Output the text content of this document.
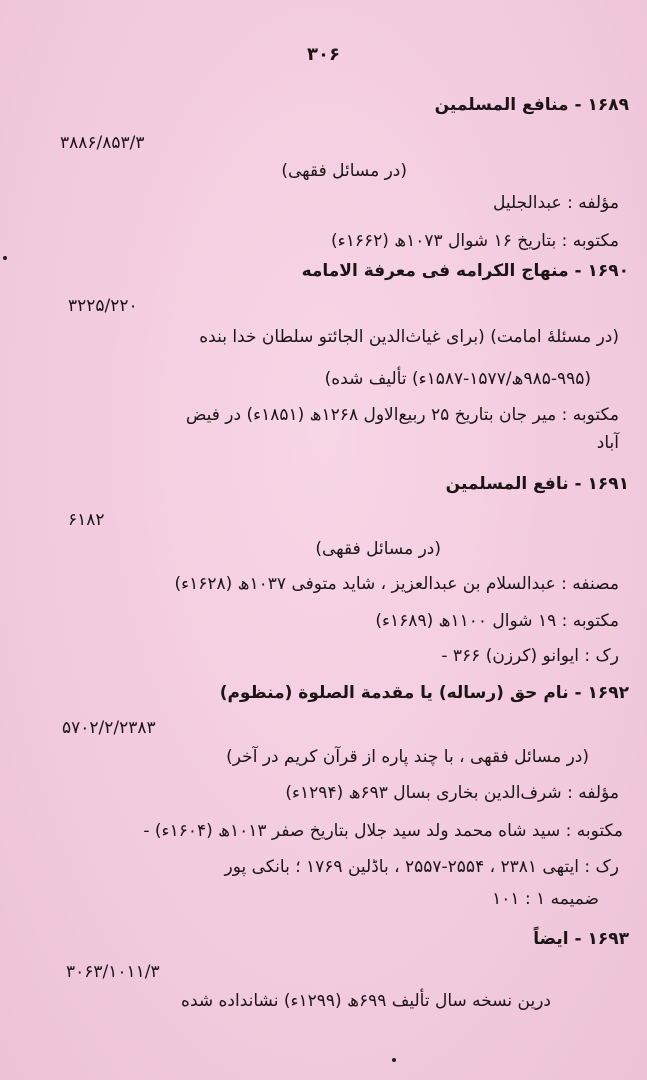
۳۰۶
۱۶۸۹ - منافع المسلمین
۳۸۸۶/۸۵۳/۳
(در مسائل فقهی)
مؤلفه : عبدالجلیل
مکتوبه : بتاریخ ۱۶ شوال ۱۰۷۳ھ (۱۶۶۲ء)
۱۶۹۰ - منهاج الکرامه فی معرفة الامامه
۳۲۲۵/۲۲۰
(در مسئلهٔ امامت) (برای غیاث‌الدین الجائتو سلطان خدا بنده
(۹۸۵-۹۹۵ھ/۱۵۷۷-۱۵۸۷ء) تألیف شده)
مکتوبه : میر جان بتاریخ ۲۵ ربیع‌الاول ۱۲۶۸ھ (۱۸۵۱ء) در فیض
آباد
۱۶۹۱ - نافع المسلمین
۶۱۸۲
(در مسائل فقهی)
مصنفه : عبدالسلام بن عبدالعزیز ، شاید متوفی ۱۰۳۷ھ (۱۶۲۸ء)
مکتوبه : ۱۹ شوال ۱۱۰۰ھ (۱۶۸۹ء)
رک : ایوانو (کرزن) ۳۶۶ -
۱۶۹۲ - نام حق (رساله) یا مقدمة الصلوة (منظوم)
۵۷۰۲/۲/۲۳۸۳
(در مسائل فقهی ، با چند پاره از قرآن کریم در آخر)
مؤلفه : شرف‌الدین بخاری بسال ۶۹۳ھ (۱۲۹۴ء)
مکتوبه : سید شاه محمد ولد سید جلال بتاریخ صفر ۱۰۱۳ھ (۱۶۰۴ء) -
رک : ایتهی ۲۳۸۱ ، ۲۵۵۴-۲۵۵۷ ، باڈلین ۱۷۶۹ ؛ بانکی پور
ضمیمه ۱ : ۱۰۱
۱۶۹۳ - ایضاً
۳۰۶۳/۱۰۱۱/۳
درین نسخه سال تألیف ۶۹۹ھ (۱۲۹۹ء) نشانداده شده
